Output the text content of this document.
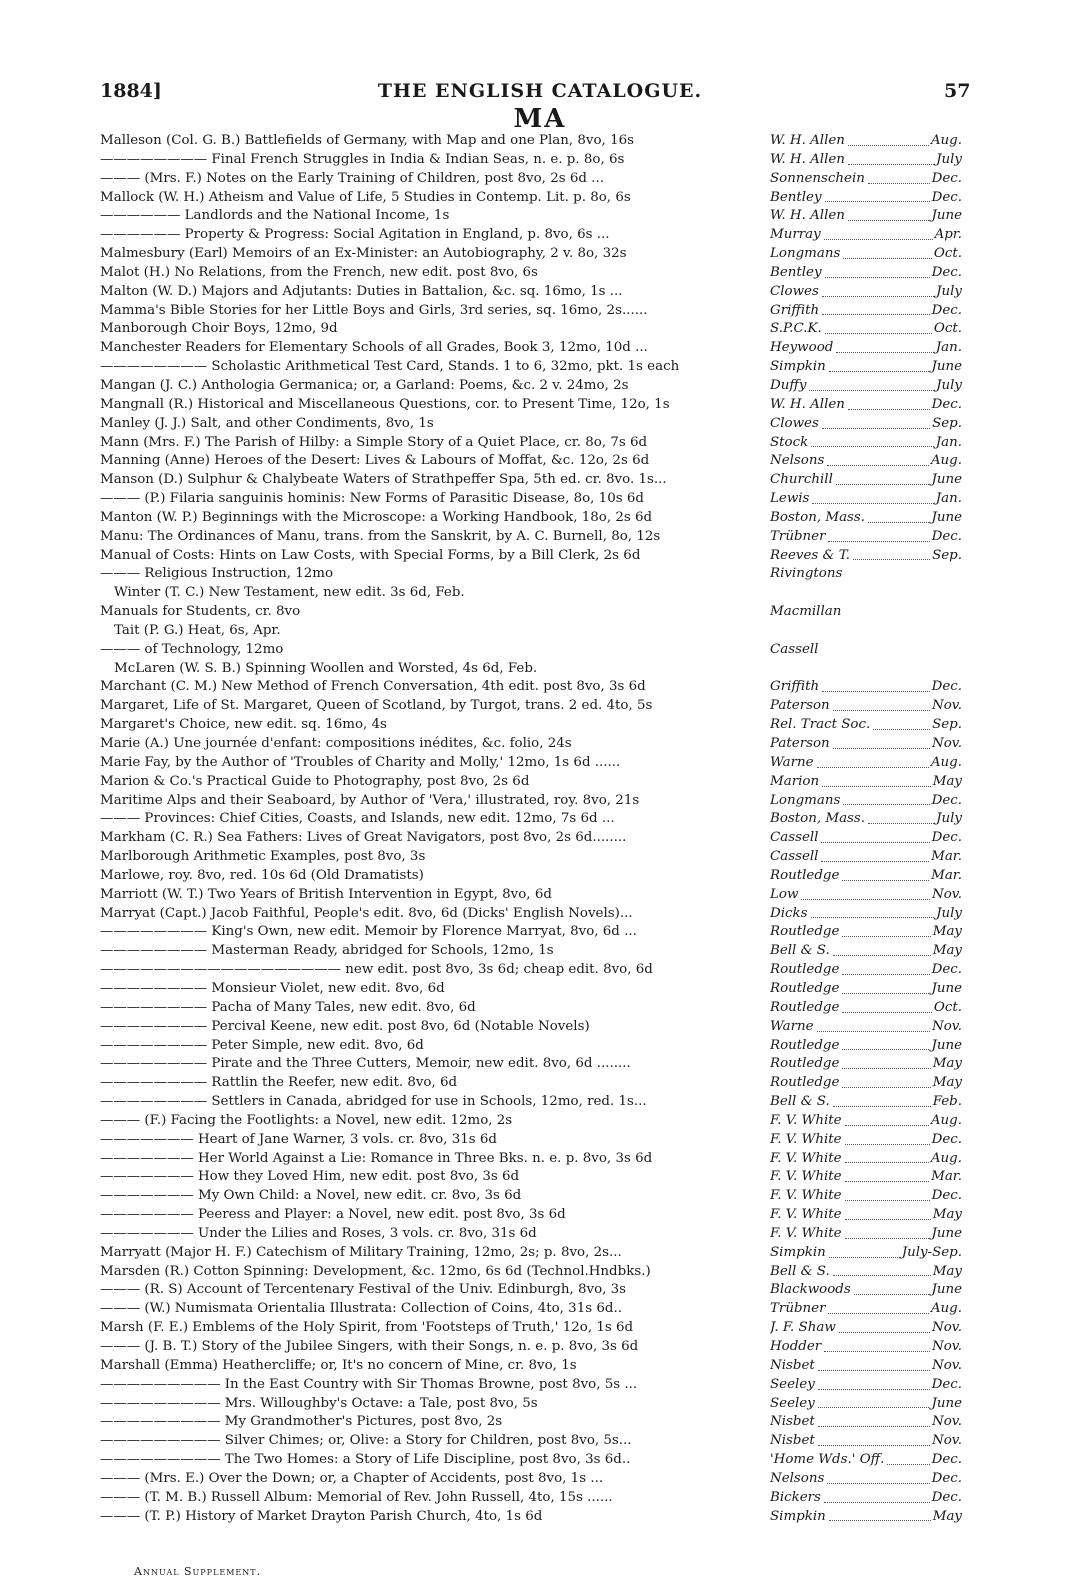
1884]	THE ENGLISH CATALOGUE.	57
MA
Malleson (Col. G. B.) Battlefields of Germany, with Map and one Plan, 8vo, 16s	W. H. Allen	Aug.
———————— Final French Struggles in India & Indian Seas, n. e. p. 8o, 6s	W. H. Allen	July
——— (Mrs. F.) Notes on the Early Training of Children, post 8vo, 2s 6d ...	Sonnenschein	Dec.
Mallock (W. H.) Atheism and Value of Life, 5 Studies in Contemp. Lit. p. 8o, 6s	Bentley	Dec.
—————— Landlords and the National Income, 1s	W. H. Allen	June
—————— Property & Progress: Social Agitation in England, p. 8vo, 6s ...	Murray	Apr.
Malmesbury (Earl) Memoirs of an Ex-Minister: an Autobiography, 2 v. 8o, 32s	Longmans	Oct.
Malot (H.) No Relations, from the French, new edit. post 8vo, 6s	Bentley	Dec.
Malton (W. D.) Majors and Adjutants: Duties in Battalion, &c. sq. 16mo, 1s ...	Clowes	July
Mamma's Bible Stories for her Little Boys and Girls, 3rd series, sq. 16mo, 2s......	Griffith	Dec.
Manborough Choir Boys, 12mo, 9d	S.P.C.K.	Oct.
Manchester Readers for Elementary Schools of all Grades, Book 3, 12mo, 10d ...	Heywood	Jan.
———————— Scholastic Arithmetical Test Card, Stands. 1 to 6, 32mo, pkt. 1s each	Simpkin	June
Mangan (J. C.) Anthologia Germanica; or, a Garland: Poems, &c. 2 v. 24mo, 2s	Duffy	July
Mangnall (R.) Historical and Miscellaneous Questions, cor. to Present Time, 12o, 1s	W. H. Allen	Dec.
Manley (J. J.) Salt, and other Condiments, 8vo, 1s	Clowes	Sep.
Mann (Mrs. F.) The Parish of Hilby: a Simple Story of a Quiet Place, cr. 8o, 7s 6d	Stock	Jan.
Manning (Anne) Heroes of the Desert: Lives & Labours of Moffat, &c. 12o, 2s 6d	Nelsons	Aug.
Manson (D.) Sulphur & Chalybeate Waters of Strathpeffer Spa, 5th ed. cr. 8vo. 1s...	Churchill	June
——— (P.) Filaria sanguinis hominis: New Forms of Parasitic Disease, 8o, 10s 6d	Lewis	Jan.
Manton (W. P.) Beginnings with the Microscope: a Working Handbook, 18o, 2s 6d	Boston, Mass.	June
Manu: The Ordinances of Manu, trans. from the Sanskrit, by A. C. Burnell, 8o, 12s	Trübner	Dec.
Manual of Costs: Hints on Law Costs, with Special Forms, by a Bill Clerk, 2s 6d	Reeves & T.	Sep.
——— Religious Instruction, 12mo	Rivingtons
Winter (T. C.) New Testament, new edit. 3s 6d, Feb.
Manuals for Students, cr. 8vo	Macmillan
Tait (P. G.) Heat, 6s, Apr.
——— of Technology, 12mo	Cassell
McLaren (W. S. B.) Spinning Woollen and Worsted, 4s 6d, Feb.
Marchant (C. M.) New Method of French Conversation, 4th edit. post 8vo, 3s 6d	Griffith	Dec.
Margaret, Life of St. Margaret, Queen of Scotland, by Turgot, trans. 2 ed. 4to, 5s	Paterson	Nov.
Margaret's Choice, new edit. sq. 16mo, 4s	Rel. Tract Soc.	Sep.
Marie (A.) Une journée d'enfant: compositions inédites, &c. folio, 24s	Paterson	Nov.
Marie Fay, by the Author of 'Troubles of Charity and Molly,' 12mo, 1s 6d ......	Warne	Aug.
Marion & Co.'s Practical Guide to Photography, post 8vo, 2s 6d	Marion	May
Maritime Alps and their Seaboard, by Author of 'Vera,' illustrated, roy. 8vo, 21s	Longmans	Dec.
——— Provinces: Chief Cities, Coasts, and Islands, new edit. 12mo, 7s 6d ...	Boston, Mass.	July
Markham (C. R.) Sea Fathers: Lives of Great Navigators, post 8vo, 2s 6d........	Cassell	Dec.
Marlborough Arithmetic Examples, post 8vo, 3s	Cassell	Mar.
Marlowe, roy. 8vo, red. 10s 6d (Old Dramatists)	Routledge	Mar.
Marriott (W. T.) Two Years of British Intervention in Egypt, 8vo, 6d	Low	Nov.
Marryat (Capt.) Jacob Faithful, People's edit. 8vo, 6d (Dicks' English Novels)...	Dicks	July
———————— King's Own, new edit. Memoir by Florence Marryat, 8vo, 6d ...	Routledge	May
———————— Masterman Ready, abridged for Schools, 12mo, 1s	Bell & S.	May
—————————————————— new edit. post 8vo, 3s 6d; cheap edit. 8vo, 6d	Routledge	Dec.
———————— Monsieur Violet, new edit. 8vo, 6d	Routledge	June
———————— Pacha of Many Tales, new edit. 8vo, 6d	Routledge	Oct.
———————— Percival Keene, new edit. post 8vo, 6d (Notable Novels)	Warne	Nov.
———————— Peter Simple, new edit. 8vo, 6d	Routledge	June
———————— Pirate and the Three Cutters, Memoir, new edit. 8vo, 6d ........	Routledge	May
———————— Rattlin the Reefer, new edit. 8vo, 6d	Routledge	May
———————— Settlers in Canada, abridged for use in Schools, 12mo, red. 1s...	Bell & S.	Feb.
——— (F.) Facing the Footlights: a Novel, new edit. 12mo, 2s	F. V. White	Aug.
——————— Heart of Jane Warner, 3 vols. cr. 8vo, 31s 6d	F. V. White	Dec.
——————— Her World Against a Lie: Romance in Three Bks. n. e. p. 8vo, 3s 6d	F. V. White	Aug.
——————— How they Loved Him, new edit. post 8vo, 3s 6d	F. V. White	Mar.
——————— My Own Child: a Novel, new edit. cr. 8vo, 3s 6d	F. V. White	Dec.
——————— Peeress and Player: a Novel, new edit. post 8vo, 3s 6d	F. V. White	May
——————— Under the Lilies and Roses, 3 vols. cr. 8vo, 31s 6d	F. V. White	June
Marryatt (Major H. F.) Catechism of Military Training, 12mo, 2s; p. 8vo, 2s...	Simpkin	July-Sep.
Marsden (R.) Cotton Spinning: Development, &c. 12mo, 6s 6d (Technol.Hndbks.)	Bell & S.	May
——— (R. S) Account of Tercentenary Festival of the Univ. Edinburgh, 8vo, 3s	Blackwoods	June
——— (W.) Numismata Orientalia Illustrata: Collection of Coins, 4to, 31s 6d..	Trübner	Aug.
Marsh (F. E.) Emblems of the Holy Spirit, from 'Footsteps of Truth,' 12o, 1s 6d	J. F. Shaw	Nov.
——— (J. B. T.) Story of the Jubilee Singers, with their Songs, n. e. p. 8vo, 3s 6d	Hodder	Nov.
Marshall (Emma) Heathercliffe; or, It's no concern of Mine, cr. 8vo, 1s	Nisbet	Nov.
————————— In the East Country with Sir Thomas Browne, post 8vo, 5s ...	Seeley	Dec.
————————— Mrs. Willoughby's Octave: a Tale, post 8vo, 5s	Seeley	June
————————— My Grandmother's Pictures, post 8vo, 2s	Nisbet	Nov.
————————— Silver Chimes; or, Olive: a Story for Children, post 8vo, 5s...	Nisbet	Nov.
————————— The Two Homes: a Story of Life Discipline, post 8vo, 3s 6d..	'Home Wds.' Off.	Dec.
——— (Mrs. E.) Over the Down; or, a Chapter of Accidents, post 8vo, 1s ...	Nelsons	Dec.
——— (T. M. B.) Russell Album: Memorial of Rev. John Russell, 4to, 15s ......	Bickers	Dec.
——— (T. P.) History of Market Drayton Parish Church, 4to, 1s 6d	Simpkin	May
Annual Supplement.
